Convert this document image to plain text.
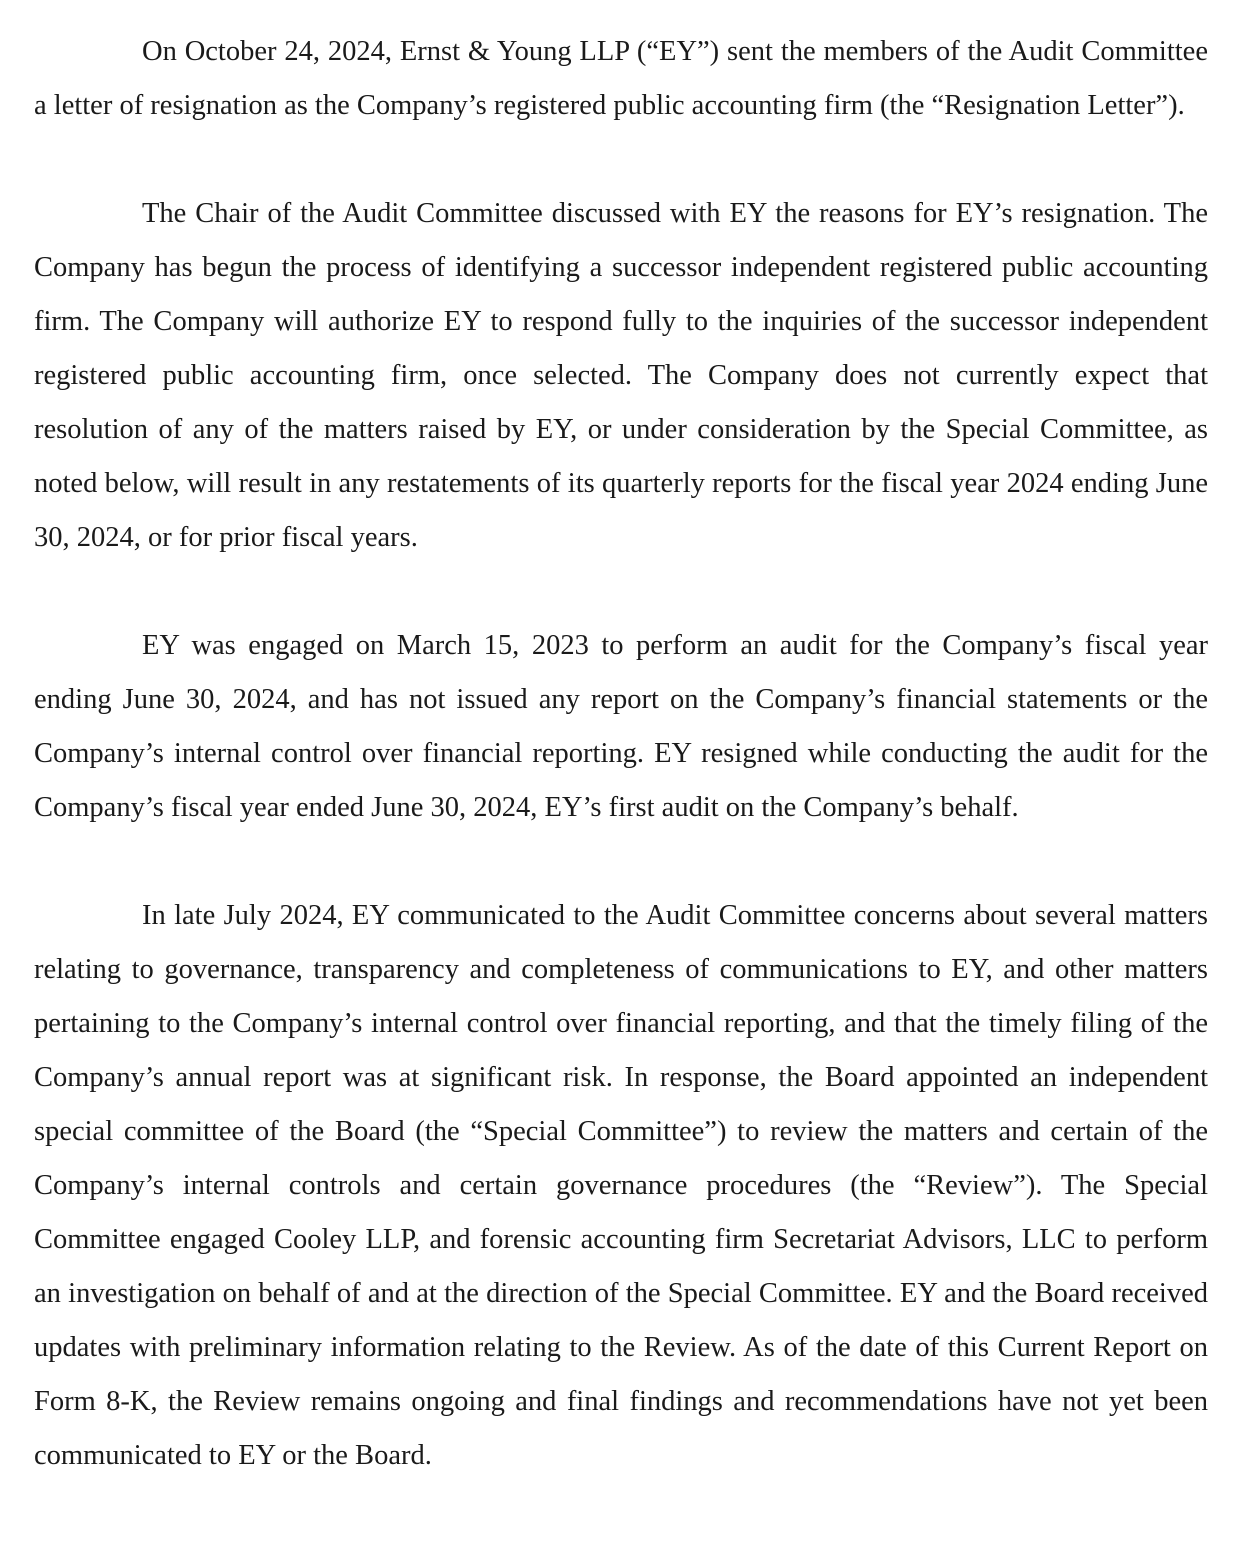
On October 24, 2024, Ernst & Young LLP (“EY”) sent the members of the Audit Committee a letter of resignation as the Company’s registered public accounting firm (the “Resignation Letter”).

The Chair of the Audit Committee discussed with EY the reasons for EY’s resignation. The Company has begun the process of identifying a successor independent registered public accounting firm. The Company will authorize EY to respond fully to the inquiries of the successor independent registered public accounting firm, once selected. The Company does not currently expect that resolution of any of the matters raised by EY, or under consideration by the Special Committee, as noted below, will result in any restatements of its quarterly reports for the fiscal year 2024 ending June 30, 2024, or for prior fiscal years.

EY was engaged on March 15, 2023 to perform an audit for the Company’s fiscal year ending June 30, 2024, and has not issued any report on the Company’s financial statements or the Company’s internal control over financial reporting. EY resigned while conducting the audit for the Company’s fiscal year ended June 30, 2024, EY’s first audit on the Company’s behalf.

In late July 2024, EY communicated to the Audit Committee concerns about several matters relating to governance, transparency and completeness of communications to EY, and other matters pertaining to the Company’s internal control over financial reporting, and that the timely filing of the Company’s annual report was at significant risk. In response, the Board appointed an independent special committee of the Board (the “Special Committee”) to review the matters and certain of the Company’s internal controls and certain governance procedures (the “Review”). The Special Committee engaged Cooley LLP, and forensic accounting firm Secretariat Advisors, LLC to perform an investigation on behalf of and at the direction of the Special Committee. EY and the Board received updates with preliminary information relating to the Review. As of the date of this Current Report on Form 8-K, the Review remains ongoing and final findings and recommendations have not yet been communicated to EY or the Board.
